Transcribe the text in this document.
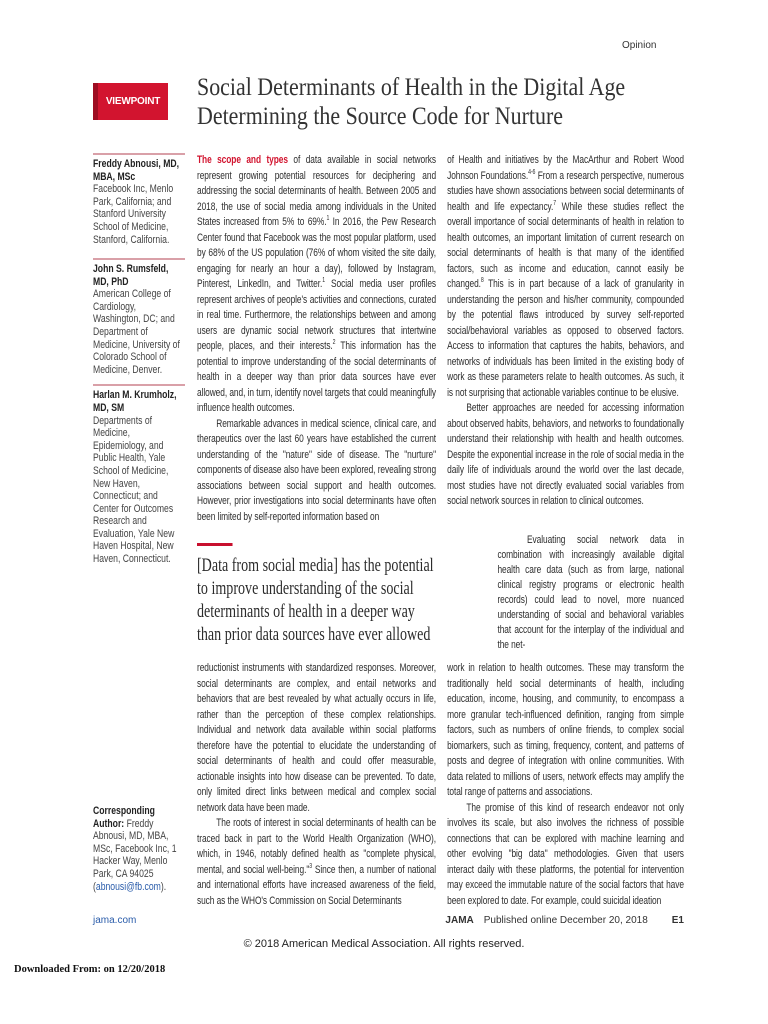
Opinion
VIEWPOINT
Social Determinants of Health in the Digital Age
Determining the Source Code for Nurture
Freddy Abnousi, MD, MBA, MSc
Facebook Inc, Menlo Park, California; and Stanford University School of Medicine, Stanford, California.
John S. Rumsfeld, MD, PhD
American College of Cardiology, Washington, DC; and Department of Medicine, University of Colorado School of Medicine, Denver.
Harlan M. Krumholz, MD, SM
Departments of Medicine, Epidemiology, and Public Health, Yale School of Medicine, New Haven, Connecticut; and Center for Outcomes Research and Evaluation, Yale New Haven Hospital, New Haven, Connecticut.
Corresponding Author: Freddy Abnousi, MD, MBA, MSc, Facebook Inc, 1 Hacker Way, Menlo Park, CA 94025 (abnousi@fb.com).

The scope and types of data available in social networks represent growing potential resources for deciphering and addressing the social determinants of health. Between 2005 and 2018, the use of social media among individuals in the United States increased from 5% to 69%.$^1$ In 2016, the Pew Research Center found that Facebook was the most popular platform, used by 68% of the US population (76% of whom visited the site daily, engaging for nearly an hour a day), followed by Instagram, Pinterest, LinkedIn, and Twitter.$^1$ Social media user profiles represent archives of people's activities and connections, curated in real time. Furthermore, the relationships between and among users are dynamic social network structures that intertwine people, places, and their interests.$^2$ This information has the potential to improve understanding of the social determinants of health in a deeper way than prior data sources have ever allowed, and, in turn, identify novel targets that could meaningfully influence health outcomes.

Remarkable advances in medical science, clinical care, and therapeutics over the last 60 years have established the current understanding of the "nature" side of disease. The "nurture" components of disease also have been explored, revealing strong associations between social support and health outcomes. However, prior investigations into social determinants have often been limited by self-reported information based on

of Health and initiatives by the MacArthur and Robert Wood Johnson Foundations.$^{4-6}$ From a research perspective, numerous studies have shown associations between social determinants of health and life expectancy.$^7$ While these studies reflect the overall importance of social determinants of health in relation to health outcomes, an important limitation of current research on social determinants of health is that many of the identified factors, such as income and education, cannot easily be changed.$^8$ This is in part because of a lack of granularity in understanding the person and his/her community, compounded by the potential flaws introduced by survey self-reported social/behavioral variables as opposed to observed factors. Access to information that captures the habits, behaviors, and networks of individuals has been limited in the existing body of work as these parameters relate to health outcomes. As such, it is not surprising that actionable variables continue to be elusive.

Better approaches are needed for accessing information about observed habits, behaviors, and networks to foundationally understand their relationship with health and health outcomes. Despite the exponential increase in the role of social media in the daily life of individuals around the world over the last decade, most studies have not directly evaluated social variables from social network sources in relation to clinical outcomes.

[Data from social media] has the potential
to improve understanding of the social
determinants of health in a deeper way
than prior data sources have ever allowed

Evaluating social network data in combination with increasingly available digital health care data (such as from large, national clinical registry programs or electronic health records) could lead to novel, more nuanced understanding of social and behavioral variables that account for the interplay of the individual and the net-

reductionist instruments with standardized responses. Moreover, social determinants are complex, and entail networks and behaviors that are best revealed by what actually occurs in life, rather than the perception of these complex relationships. Individual and network data available within social platforms therefore have the potential to elucidate the understanding of social determinants of health and could offer measurable, actionable insights into how disease can be prevented. To date, only limited direct links between medical and complex social network data have been made.

The roots of interest in social determinants of health can be traced back in part to the World Health Organization (WHO), which, in 1946, notably defined health as "complete physical, mental, and social well-being."$^3$ Since then, a number of national and international efforts have increased awareness of the field, such as the WHO's Commission on Social Determinants

work in relation to health outcomes. These may transform the traditionally held social determinants of health, including education, income, housing, and community, to encompass a more granular tech-influenced definition, ranging from simple factors, such as numbers of online friends, to complex social biomarkers, such as timing, frequency, content, and patterns of posts and degree of integration with online communities. With data related to millions of users, network effects may amplify the total range of patterns and associations.

The promise of this kind of research endeavor not only involves its scale, but also involves the richness of possible connections that can be explored with machine learning and other evolving "big data" methodologies. Given that users interact daily with these platforms, the potential for intervention may exceed the immutable nature of the social factors that have been explored to date. For example, could suicidal ideation

jama.com	JAMA Published online December 20, 2018 E1
© 2018 American Medical Association. All rights reserved.
Downloaded From: on 12/20/2018
